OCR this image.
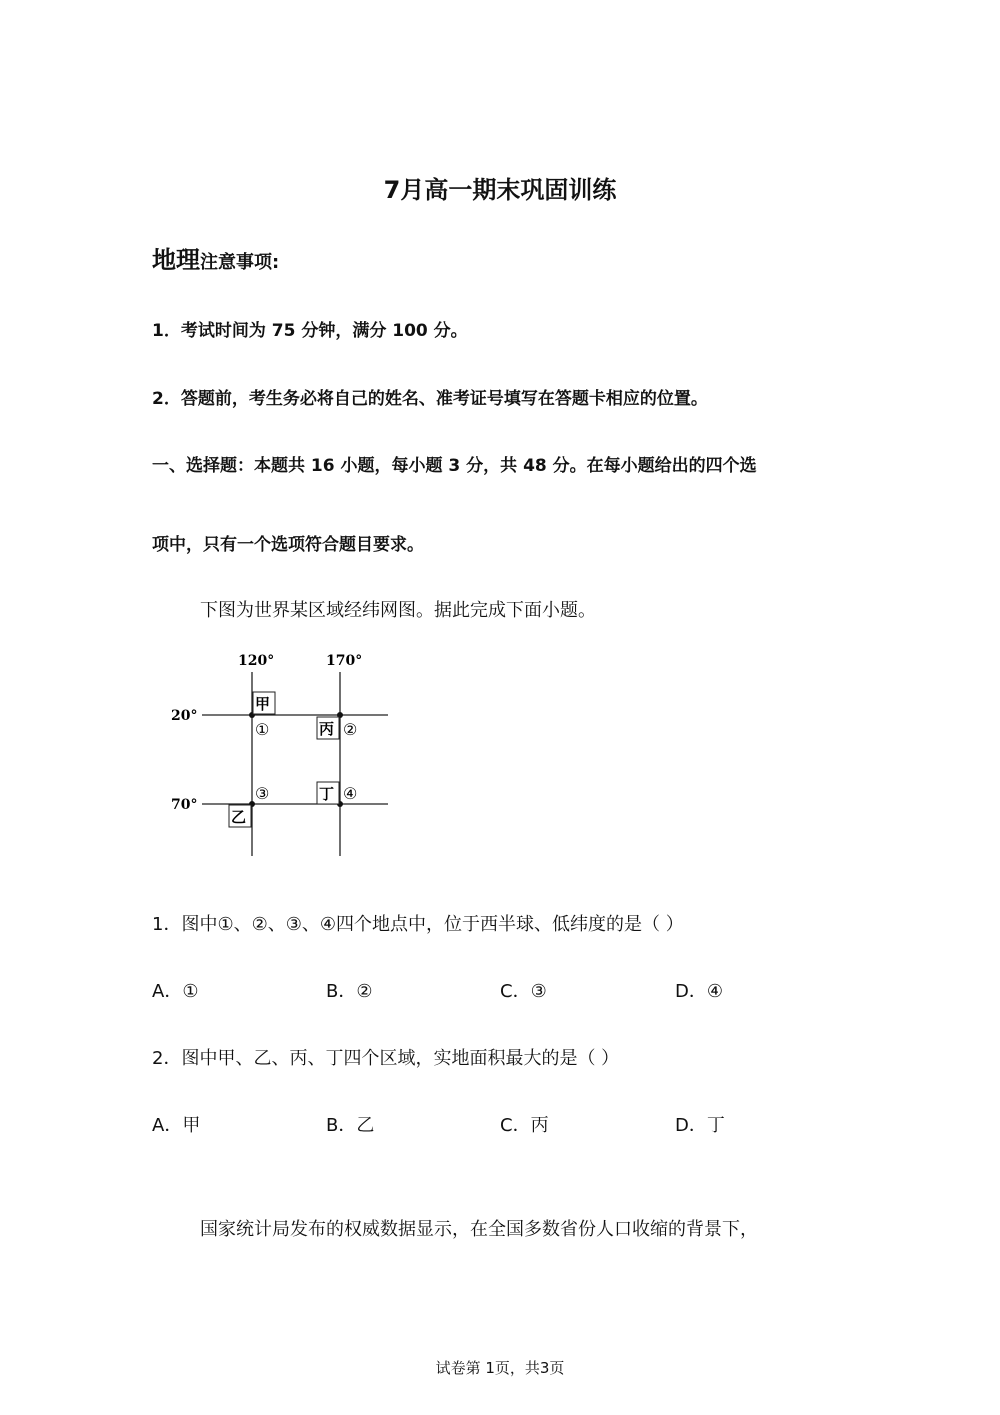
7月高一期末巩固训练
地理注意事项:
1．考试时间为 75 分钟，满分 100 分。
2．答题前，考生务必将自己的姓名、准考证号填写在答题卡相应的位置。
一、选择题：本题共 16 小题，每小题 3 分，共 48 分。在每小题给出的四个选
项中，只有一个选项符合题目要求。
下图为世界某区域经纬网图。据此完成下面小题。
120°	170°
20°
70°
甲
丙
丁
乙
①	②
③	④
1．图中①、②、③、④四个地点中，位于西半球、低纬度的是（ ）
A．①	B．②	C．③	D．④
2．图中甲、乙、丙、丁四个区域，实地面积最大的是（ ）
A．甲	B．乙	C．丙	D．丁
国家统计局发布的权威数据显示，在全国多数省份人口收缩的背景下，
试卷第 1页，共3页
